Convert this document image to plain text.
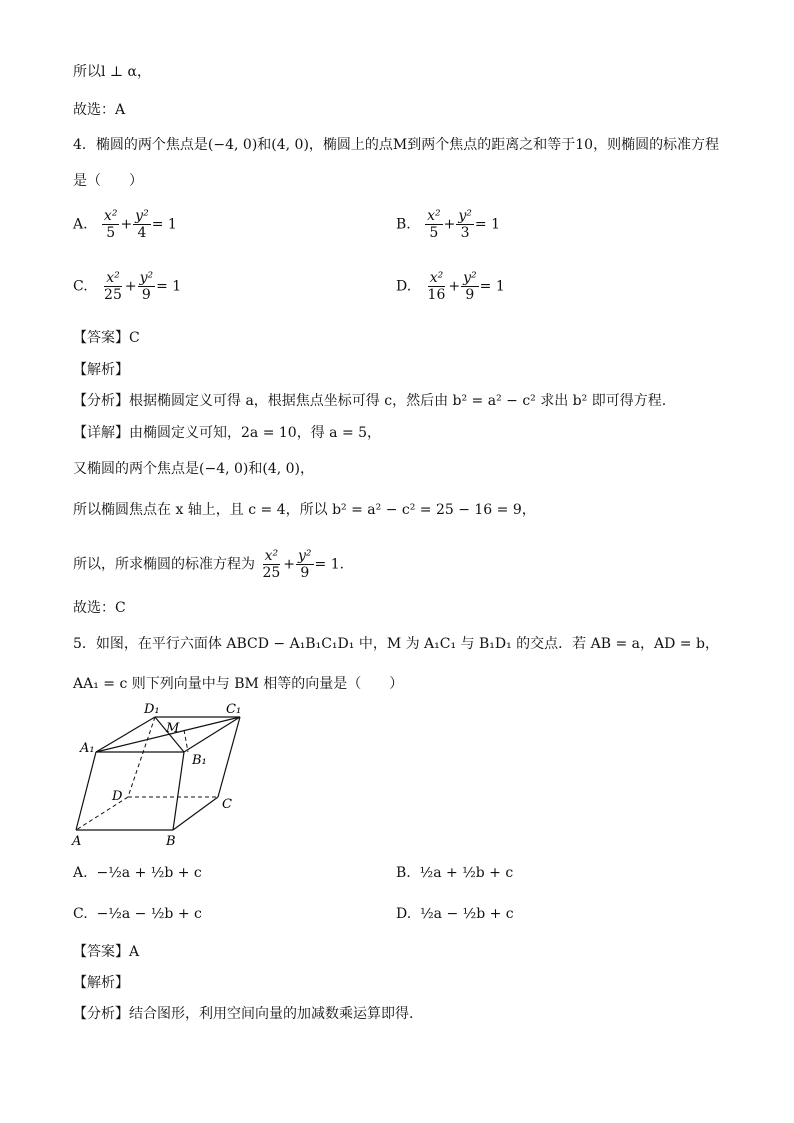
所以l ⊥ α，
故选：A
4．椭圆的两个焦点是(−4, 0)和(4, 0)，椭圆上的点M到两个焦点的距离之和等于10，则椭圆的标准方程
是（　　）
A. $\frac{\text{x²}}{5} + \frac{\text{y²}}{4} = 1$	B. $\frac{\text{x²}}{5} + \frac{\text{y²}}{3} = 1$
C. $\frac{\text{x²}}{25} + \frac{\text{y²}}{9} = 1$	D. $\frac{\text{x²}}{16} + \frac{\text{y²}}{9} = 1$
【答案】C
【解析】
【分析】根据椭圆定义可得 a，根据焦点坐标可得 c，然后由 b² = a² − c² 求出 b² 即可得方程.
【详解】由椭圆定义可知，2a = 10，得 a = 5，
又椭圆的两个焦点是(−4, 0)和(4, 0)，
所以椭圆焦点在 x 轴上，且 c = 4，所以 b² = a² − c² = 25 − 16 = 9，
所以，所求椭圆的标准方程为 $\frac{\text{x²}}{25} + \frac{\text{y²}}{9} = 1$.
故选：C
5．如图，在平行六面体 ABCD − A₁B₁C₁D₁ 中，M 为 A₁C₁ 与 B₁D₁ 的交点．若 AB = a，AD = b，
AA₁ = c 则下列向量中与 BM 相等的向量是（　　）
D₁	C₁
M
A₁
B₁
D
C
A	B
A. −½a + ½b + c	B. ½a + ½b + c
C. −½a − ½b + c	D. ½a − ½b + c
【答案】A
【解析】
【分析】结合图形，利用空间向量的加减数乘运算即得.
